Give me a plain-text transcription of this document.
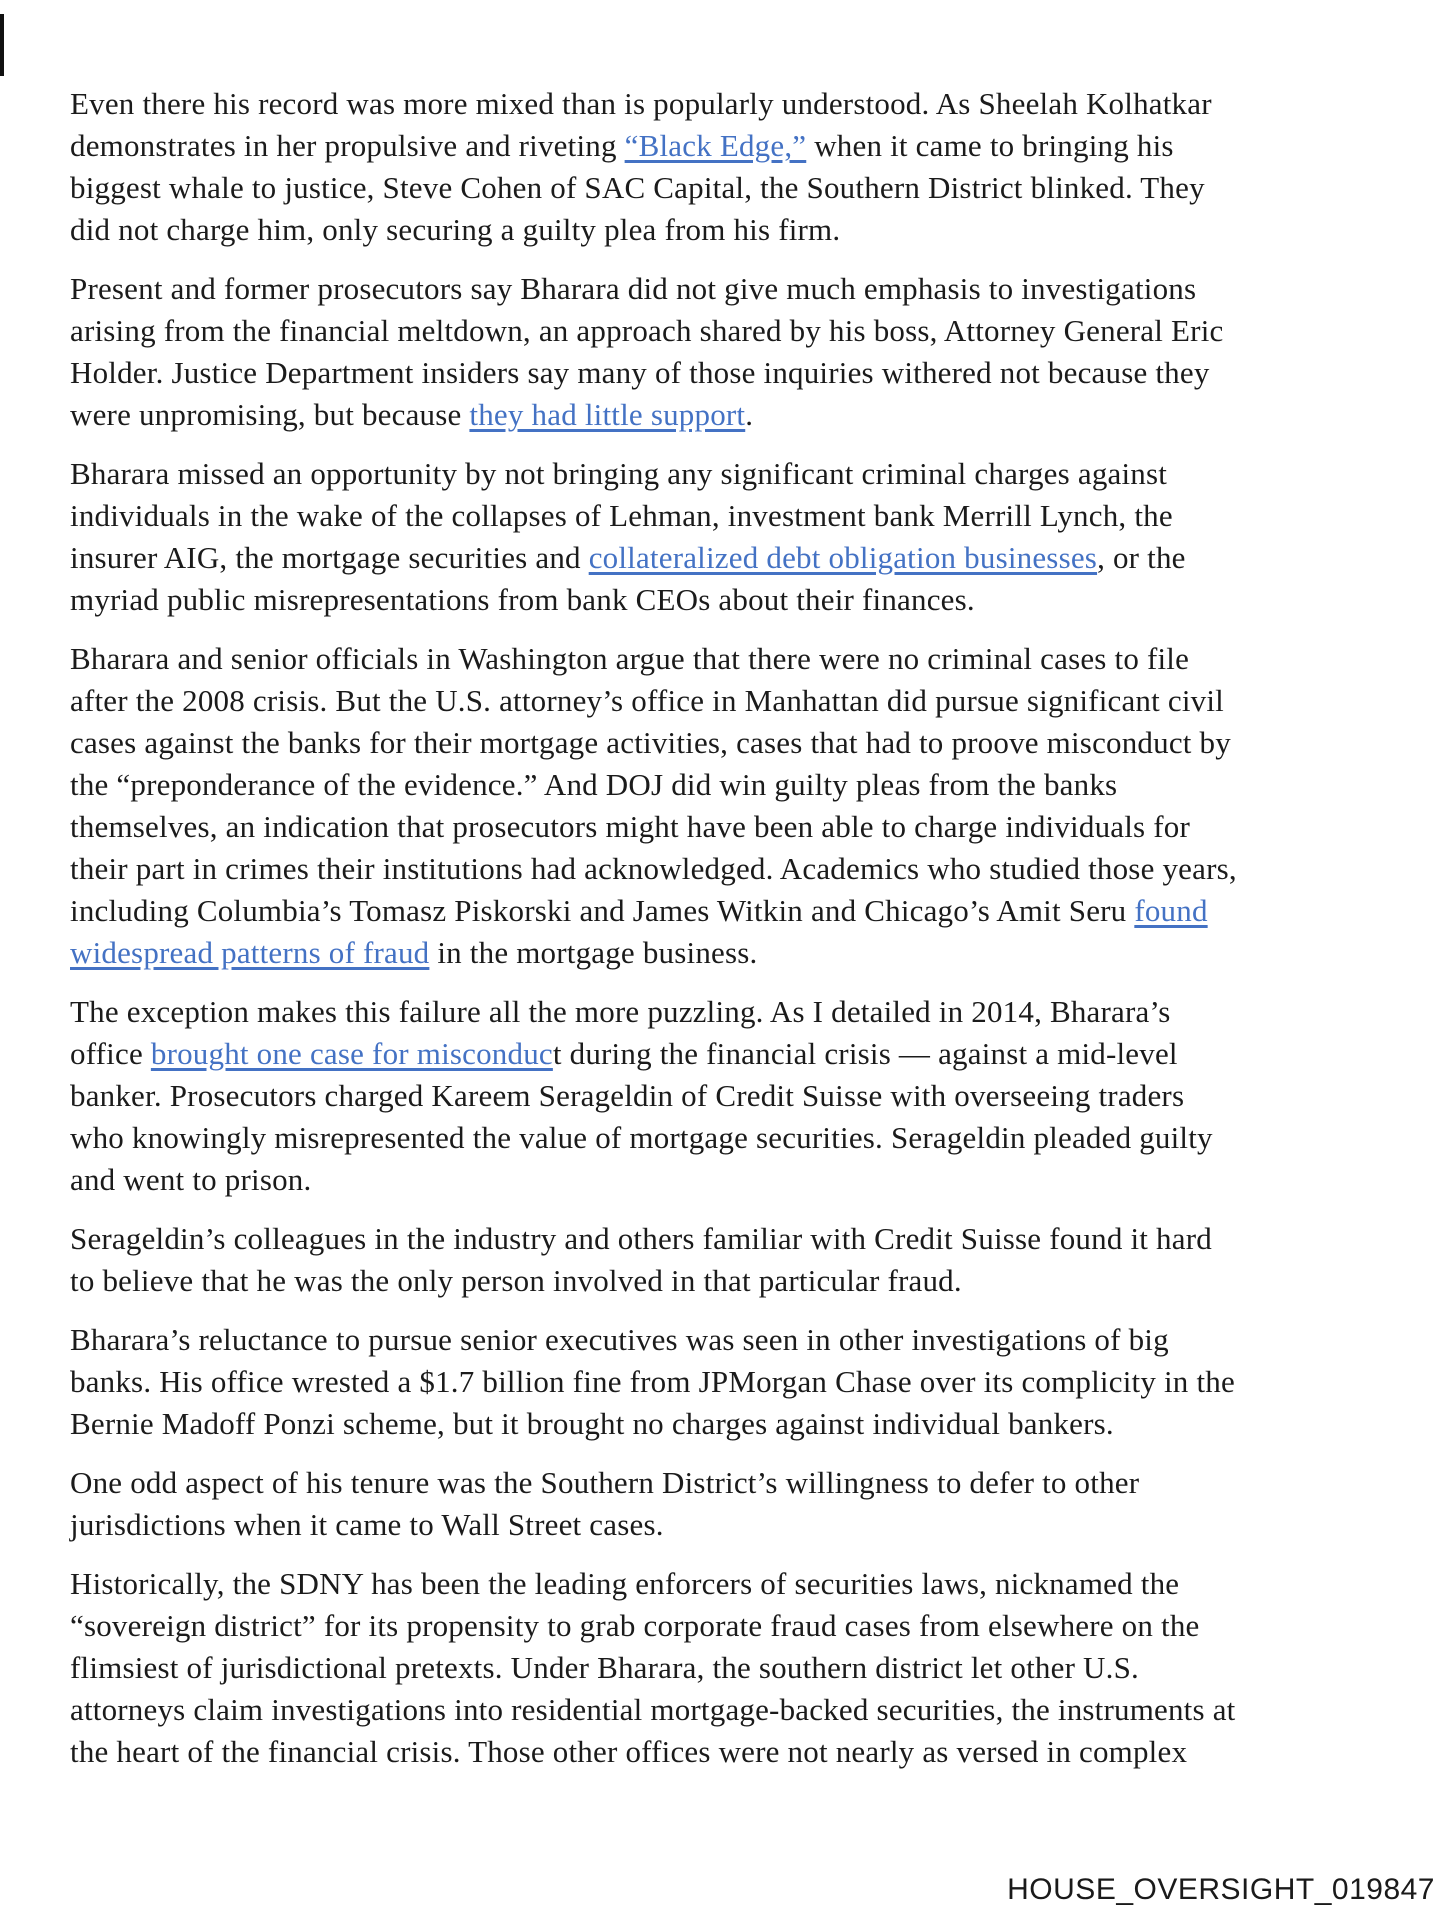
Even there his record was more mixed than is popularly understood. As Sheelah Kolhatkar
demonstrates in her propulsive and riveting “Black Edge,” when it came to bringing his
biggest whale to justice, Steve Cohen of SAC Capital, the Southern District blinked. They
did not charge him, only securing a guilty plea from his firm.

Present and former prosecutors say Bharara did not give much emphasis to investigations
arising from the financial meltdown, an approach shared by his boss, Attorney General Eric
Holder. Justice Department insiders say many of those inquiries withered not because they
were unpromising, but because they had little support.

Bharara missed an opportunity by not bringing any significant criminal charges against
individuals in the wake of the collapses of Lehman, investment bank Merrill Lynch, the
insurer AIG, the mortgage securities and collateralized debt obligation businesses, or the
myriad public misrepresentations from bank CEOs about their finances.

Bharara and senior officials in Washington argue that there were no criminal cases to file
after the 2008 crisis. But the U.S. attorney’s office in Manhattan did pursue significant civil
cases against the banks for their mortgage activities, cases that had to proove misconduct by
the “preponderance of the evidence.” And DOJ did win guilty pleas from the banks
themselves, an indication that prosecutors might have been able to charge individuals for
their part in crimes their institutions had acknowledged. Academics who studied those years,
including Columbia’s Tomasz Piskorski and James Witkin and Chicago’s Amit Seru found
widespread patterns of fraud in the mortgage business.

The exception makes this failure all the more puzzling. As I detailed in 2014, Bharara’s
office brought one case for misconduct during the financial crisis — against a mid-level
banker. Prosecutors charged Kareem Serageldin of Credit Suisse with overseeing traders
who knowingly misrepresented the value of mortgage securities. Serageldin pleaded guilty
and went to prison.

Serageldin’s colleagues in the industry and others familiar with Credit Suisse found it hard
to believe that he was the only person involved in that particular fraud.

Bharara’s reluctance to pursue senior executives was seen in other investigations of big
banks. His office wrested a $1.7 billion fine from JPMorgan Chase over its complicity in the
Bernie Madoff Ponzi scheme, but it brought no charges against individual bankers.

One odd aspect of his tenure was the Southern District’s willingness to defer to other
jurisdictions when it came to Wall Street cases.

Historically, the SDNY has been the leading enforcers of securities laws, nicknamed the
“sovereign district” for its propensity to grab corporate fraud cases from elsewhere on the
flimsiest of jurisdictional pretexts. Under Bharara, the southern district let other U.S.
attorneys claim investigations into residential mortgage-backed securities, the instruments at
the heart of the financial crisis. Those other offices were not nearly as versed in complex

HOUSE_OVERSIGHT_019847
